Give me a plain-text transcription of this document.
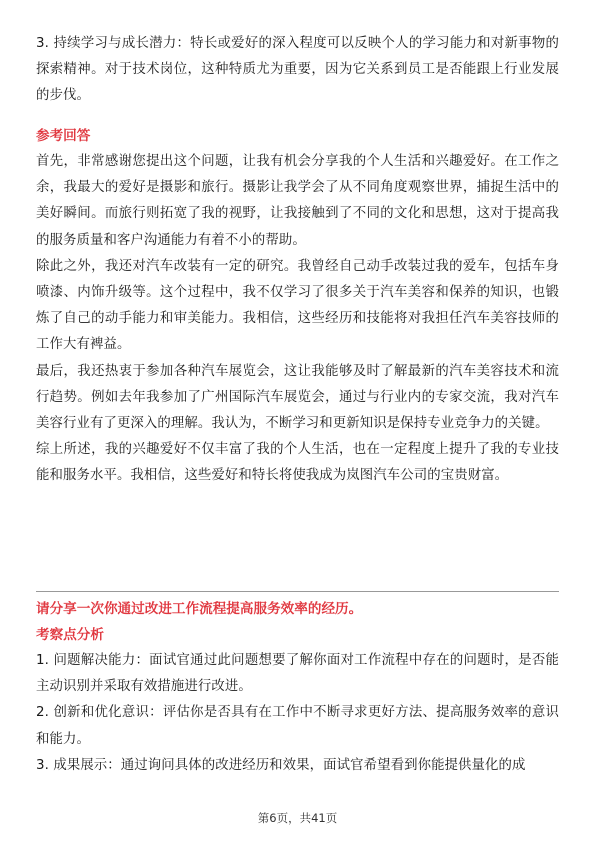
3. 持续学习与成长潜力：特长或爱好的深入程度可以反映个人的学习能力和对新事物的探索精神。对于技术岗位，这种特质尤为重要，因为它关系到员工是否能跟上行业发展的步伐。

参考回答

首先，非常感谢您提出这个问题，让我有机会分享我的个人生活和兴趣爱好。在工作之余，我最大的爱好是摄影和旅行。摄影让我学会了从不同角度观察世界，捕捉生活中的美好瞬间。而旅行则拓宽了我的视野，让我接触到了不同的文化和思想，这对于提高我的服务质量和客户沟通能力有着不小的帮助。

除此之外，我还对汽车改装有一定的研究。我曾经自己动手改装过我的爱车，包括车身喷漆、内饰升级等。这个过程中，我不仅学习了很多关于汽车美容和保养的知识，也锻炼了自己的动手能力和审美能力。我相信，这些经历和技能将对我担任汽车美容技师的工作大有裨益。

最后，我还热衷于参加各种汽车展览会，这让我能够及时了解最新的汽车美容技术和流行趋势。例如去年我参加了广州国际汽车展览会，通过与行业内的专家交流，我对汽车美容行业有了更深入的理解。我认为，不断学习和更新知识是保持专业竞争力的关键。

综上所述，我的兴趣爱好不仅丰富了我的个人生活，也在一定程度上提升了我的专业技能和服务水平。我相信，这些爱好和特长将使我成为岚图汽车公司的宝贵财富。

请分享一次你通过改进工作流程提高服务效率的经历。

考察点分析

1. 问题解决能力：面试官通过此问题想要了解你面对工作流程中存在的问题时，是否能主动识别并采取有效措施进行改进。

2. 创新和优化意识：评估你是否具有在工作中不断寻求更好方法、提高服务效率的意识和能力。

3. 成果展示：通过询问具体的改进经历和效果，面试官希望看到你能提供量化的成

第6页，共41页
